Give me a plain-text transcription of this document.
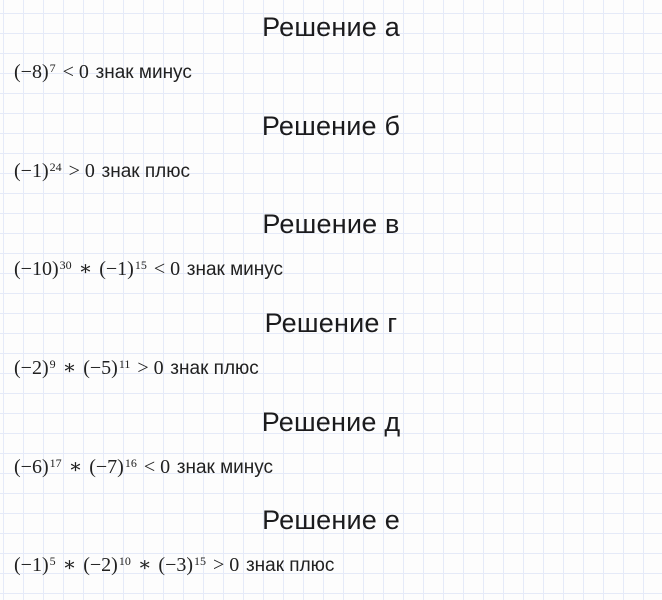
Решение а

$(-8)^7 < 0$ знак минус

Решение б

$(-1)^{24} > 0$ знак плюс

Решение в

$(-10)^{30}$ ∗ $(-1)^{15} < 0$ знак минус

Решение г

$(-2)^9$ ∗ $(-5)^{11} > 0$ знак плюс

Решение д

$(-6)^{17}$ ∗ $(-7)^{16} < 0$ знак минус

Решение е

$(-1)^5$ ∗ $(-2)^{10}$ ∗ $(-3)^{15} > 0$ знак плюс
